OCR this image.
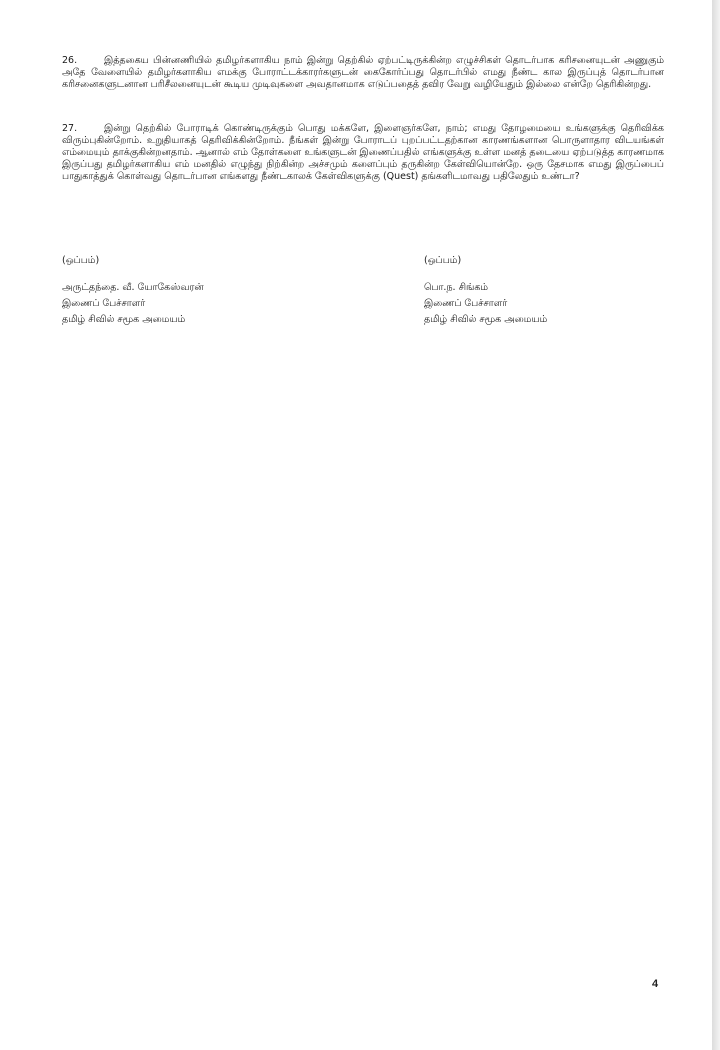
26.	இத்தகைய பின்னணியில் தமிழர்களாகிய நாம் இன்று தெற்கில் ஏற்பட்டிருக்கின்ற எழுச்சிகள் தொடர்பாக கரிசனையுடன் அணுகும் அதே வேளையில் தமிழர்களாகிய எமக்கு போராட்டக்காரர்களுடன் கைகோர்ப்பது தொடர்பில் எமது நீண்ட கால இருப்புத் தொடர்பான கரிசனைகளுடனான பரிசீலனையுடன் கூடிய முடிவுகளை அவதானமாக எடுப்பதைத் தவிர வேறு வழியேதும் இல்லை என்றே தெரிகின்றது.

27.	இன்று தெற்கில் போராடிக் கொண்டிருக்கும் பொது மக்களே, இளைஞர்களே, நாம்; எமது தோழமையை உங்களுக்கு தெரிவிக்க விரும்புகின்றோம். உறுதியாகத் தெரிவிக்கின்றோம். நீங்கள் இன்று போராடப் புறப்பட்டதற்கான காரணங்களான பொருளாதார விடயங்கள் எம்மையும் தாக்குகின்றனதாம். ஆனால் எம் தோள்களை உங்களுடன் இணைப்பதில் எங்களுக்கு உள்ள மனத் தடையை ஏற்படுத்த காரணமாக இருப்பது தமிழர்களாகிய எம் மனதில் எழுந்து நிற்கின்ற அச்சமும் களைப்பும் தருகின்ற கேள்வியொன்றே. ஒரு தேசமாக எமது இருப்பைப் பாதுகாத்துக் கொள்வது தொடர்பான எங்களது நீண்டகாலக் கேள்விகளுக்கு (Quest) தங்களிடமாவது பதிலேதும் உண்டா?

(ஒப்பம்)
அருட்தந்தை. வீ. யோகேஸ்வரன்
இணைப் பேச்சாளர்
தமிழ் சிவில் சமூக அமையம்
(ஒப்பம்)
பொ.ந. சிங்கம்
இணைப் பேச்சாளர்
தமிழ் சிவில் சமூக அமையம்
4
